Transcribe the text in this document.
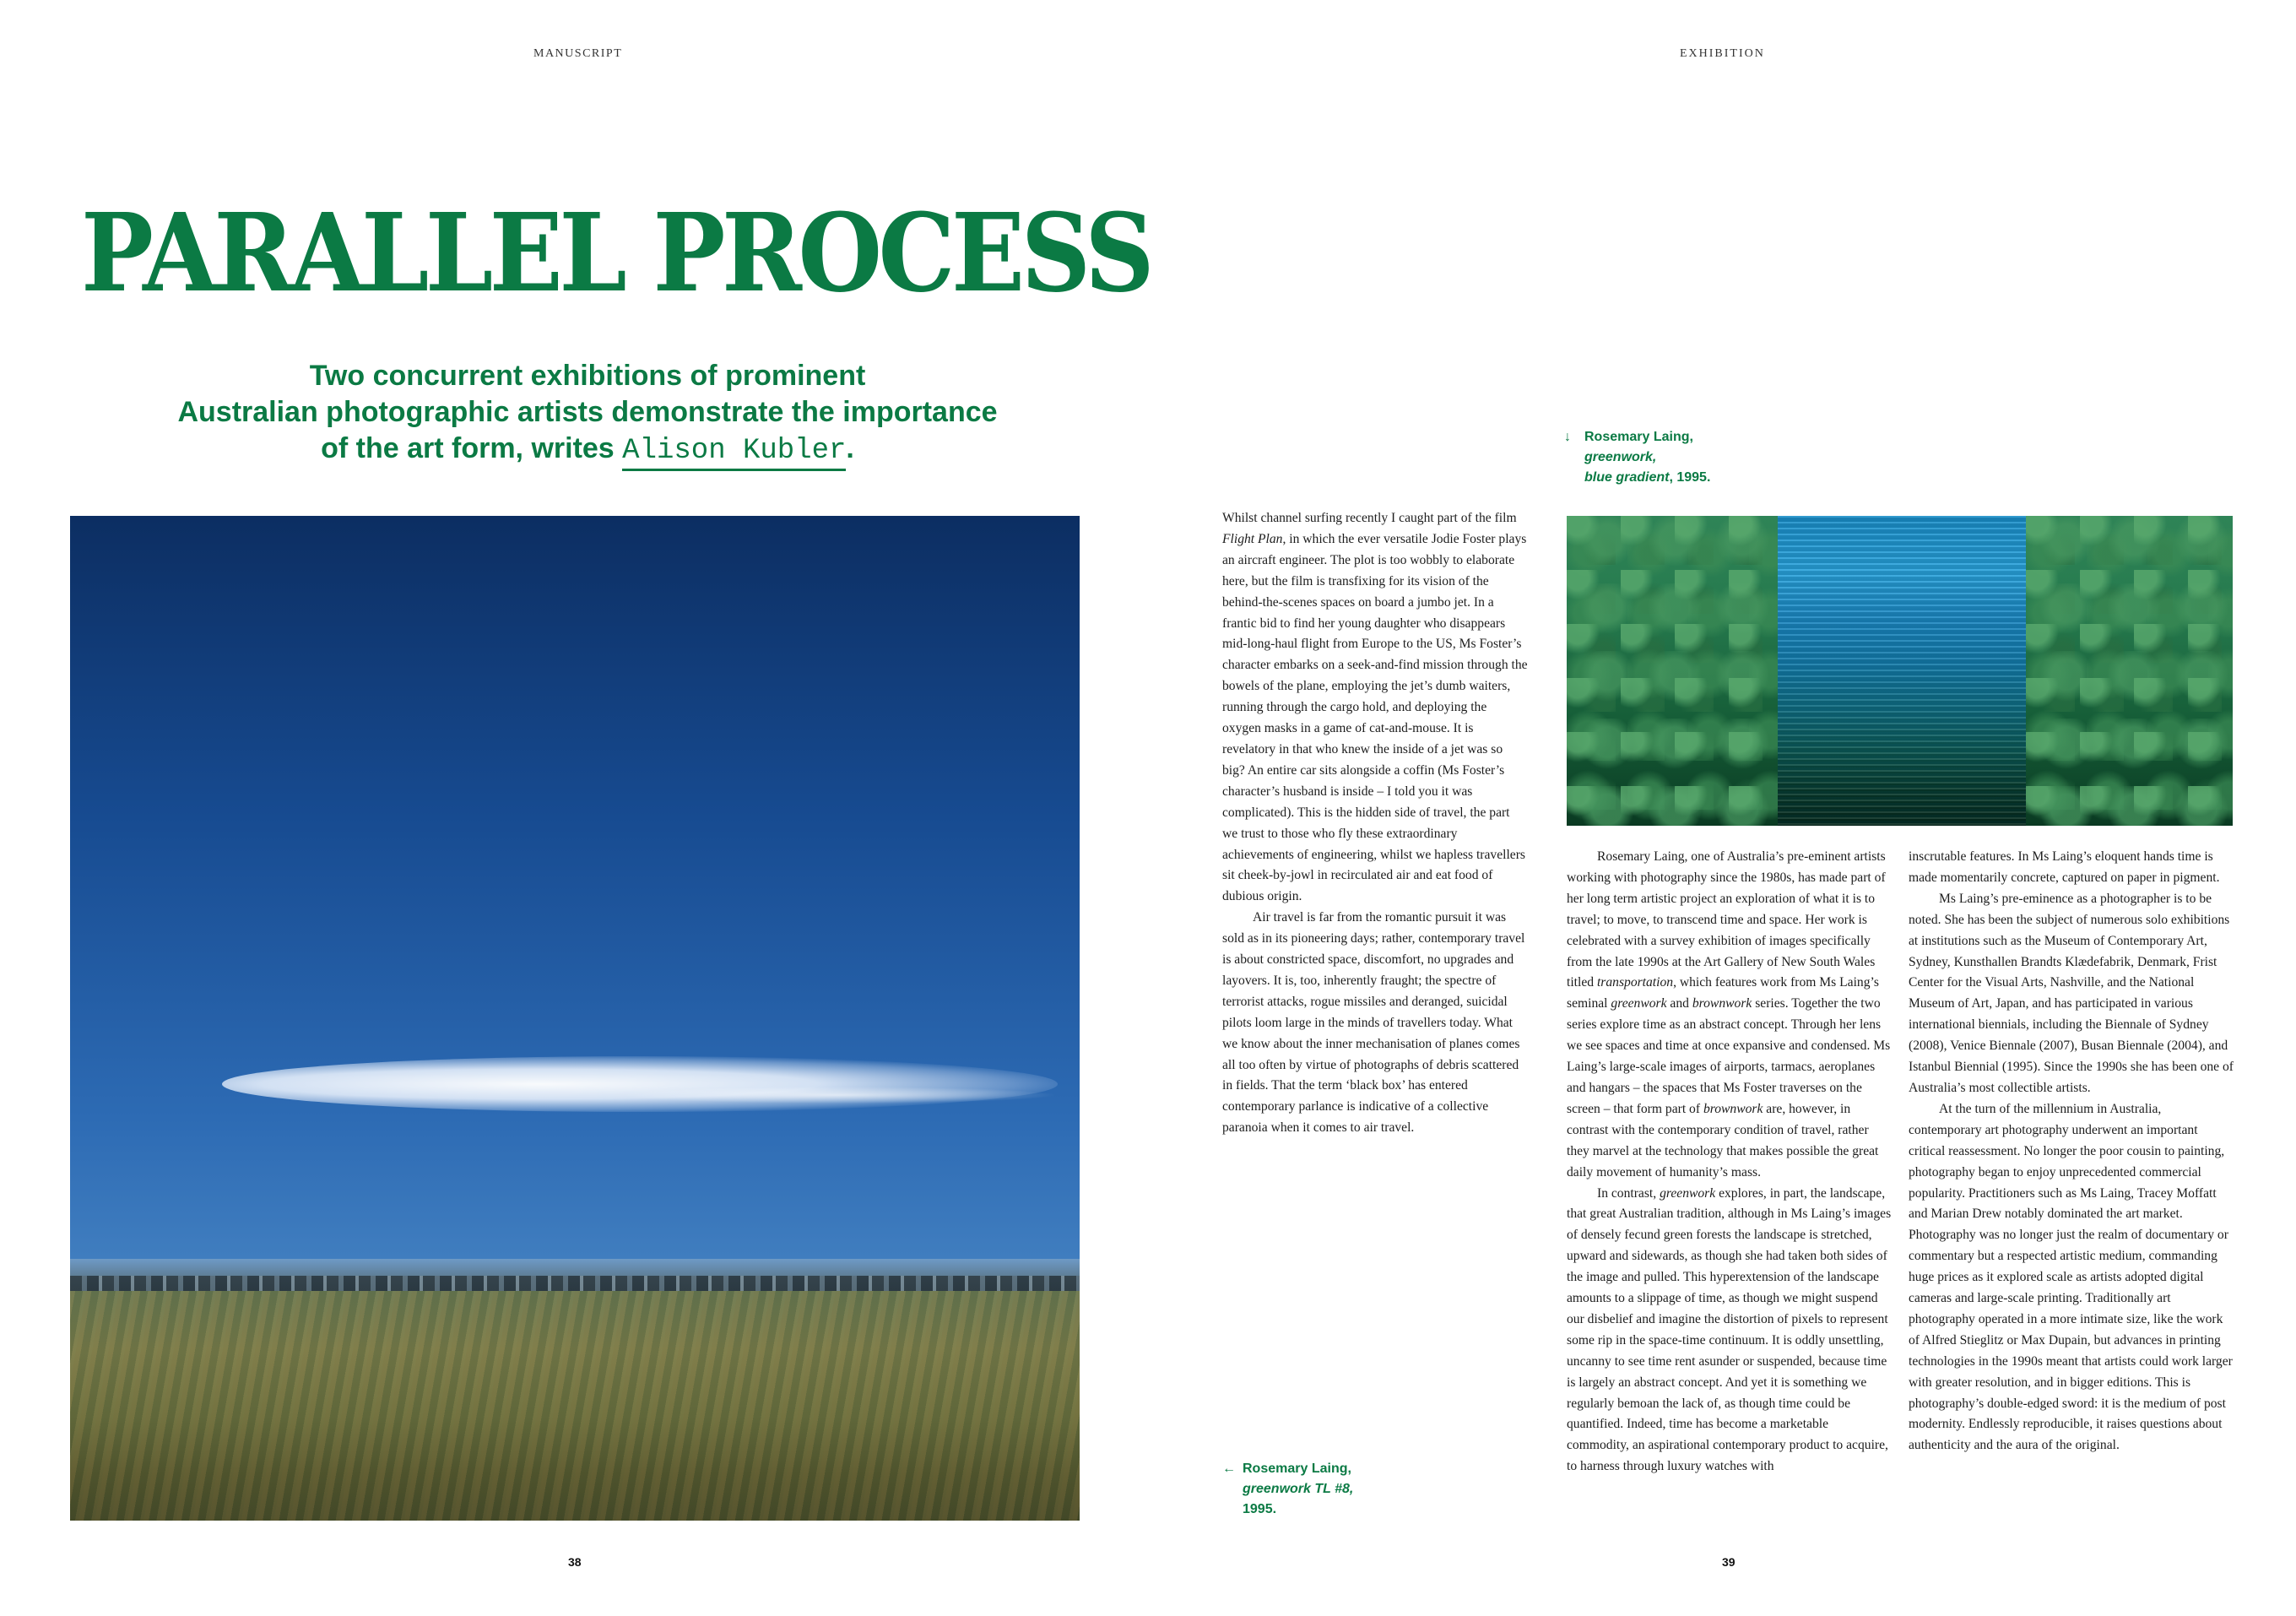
MANUSCRIPT	EXHIBITION
PARALLEL PROCESS
Two concurrent exhibitions of prominent
Australian photographic artists demonstrate the importance
of the art form, writes Alison Kubler.	↓ Rosemary Laing,
greenwork,
blue gradient, 1995.

Whilst channel surfing recently I caught part of the film Flight Plan, in which the ever versatile Jodie Foster plays an aircraft engineer. The plot is too wobbly to elaborate here, but the film is transfixing for its vision of the behind-the-scenes spaces on board a jumbo jet. In a frantic bid to find her young daughter who disappears mid-long-haul flight from Europe to the US, Ms Foster’s character embarks on a seek-and-find mission through the bowels of the plane, employing the jet’s dumb waiters, running through the cargo hold, and deploying the oxygen masks in a game of cat-and-mouse. It is revelatory in that who knew the inside of a jet was so big? An entire car sits alongside a coffin (Ms Foster’s character’s husband is inside – I told you it was complicated). This is the hidden side of travel, the part we trust to those who fly these extraordinary achievements of engineering, whilst we hapless travellers sit cheek-by-jowl in recirculated air and eat food of dubious origin.

Air travel is far from the romantic pursuit it was sold as in its pioneering days; rather, contemporary travel is about constricted space, discomfort, no upgrades and layovers. It is, too, inherently fraught; the spectre of terrorist attacks, rogue missiles and deranged, suicidal pilots loom large in the minds of travellers today. What we know about the inner mechanisation of planes comes all too often by virtue of photographs of debris scattered in fields. That the term ‘black box’ has entered contemporary parlance is indicative of a collective paranoia when it comes to air travel.

← Rosemary Laing,
greenwork TL #8,
1995.

Rosemary Laing, one of Australia’s pre-eminent artists working with photography since the 1980s, has made part of her long term artistic project an exploration of what it is to travel; to move, to transcend time and space. Her work is celebrated with a survey exhibition of images specifically from the late 1990s at the Art Gallery of New South Wales titled transportation, which features work from Ms Laing’s seminal greenwork and brownwork series. Together the two series explore time as an abstract concept. Through her lens we see spaces and time at once expansive and condensed. Ms Laing’s large-scale images of airports, tarmacs, aeroplanes and hangars – the spaces that Ms Foster traverses on the screen – that form part of brownwork are, however, in contrast with the contemporary condition of travel, rather they marvel at the technology that makes possible the great daily movement of humanity’s mass.

In contrast, greenwork explores, in part, the landscape, that great Australian tradition, although in Ms Laing’s images of densely fecund green forests the landscape is stretched, upward and sidewards, as though she had taken both sides of the image and pulled. This hyperextension of the landscape amounts to a slippage of time, as though we might suspend our disbelief and imagine the distortion of pixels to represent some rip in the space-time continuum. It is oddly unsettling, uncanny to see time rent asunder or suspended, because time is largely an abstract concept. And yet it is something we regularly bemoan the lack of, as though time could be quantified. Indeed, time has become a marketable commodity, an aspirational contemporary product to acquire, to harness through luxury watches with

inscrutable features. In Ms Laing’s eloquent hands time is made momentarily concrete, captured on paper in pigment.

Ms Laing’s pre-eminence as a photographer is to be noted. She has been the subject of numerous solo exhibitions at institutions such as the Museum of Contemporary Art, Sydney, Kunsthallen Brandts Klædefabrik, Denmark, Frist Center for the Visual Arts, Nashville, and the National Museum of Art, Japan, and has participated in various international biennials, including the Biennale of Sydney (2008), Venice Biennale (2007), Busan Biennale (2004), and Istanbul Biennial (1995). Since the 1990s she has been one of Australia’s most collectible artists.

At the turn of the millennium in Australia, contemporary art photography underwent an important critical reassessment. No longer the poor cousin to painting, photography began to enjoy unprecedented commercial popularity. Practitioners such as Ms Laing, Tracey Moffatt and Marian Drew notably dominated the art market. Photography was no longer just the realm of documentary or commentary but a respected artistic medium, commanding huge prices as it explored scale as artists adopted digital cameras and large-scale printing. Traditionally art photography operated in a more intimate size, like the work of Alfred Stieglitz or Max Dupain, but advances in printing technologies in the 1990s meant that artists could work larger with greater resolution, and in bigger editions. This is photography’s double-edged sword: it is the medium of post modernity. Endlessly reproducible, it raises questions about authenticity and the aura of the original.

38	39
